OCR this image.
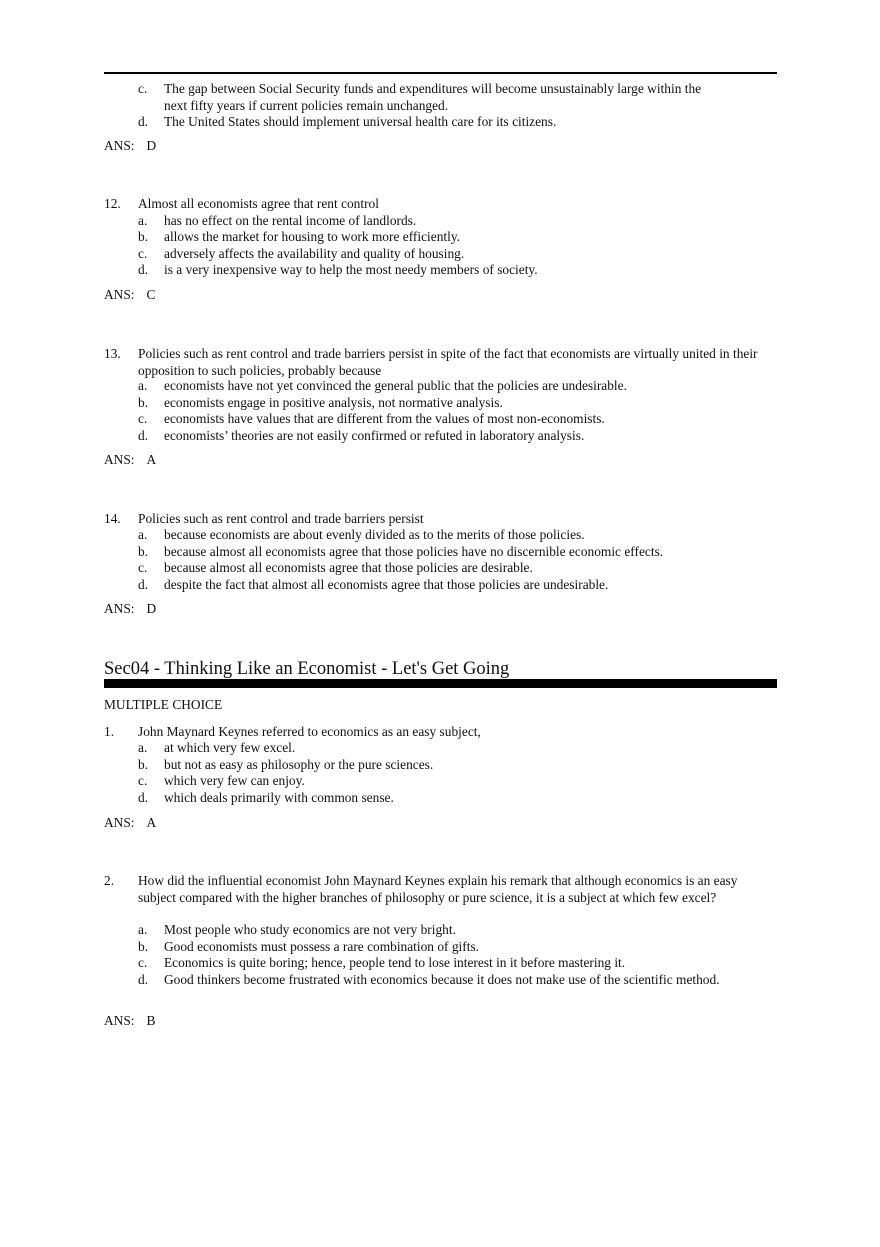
c. The gap between Social Security funds and expenditures will become unsustainably large within the next fifty years if current policies remain unchanged.
d. The United States should implement universal health care for its citizens.
ANS: D
12. Almost all economists agree that rent control
a. has no effect on the rental income of landlords.
b. allows the market for housing to work more efficiently.
c. adversely affects the availability and quality of housing.
d. is a very inexpensive way to help the most needy members of society.
ANS: C
13. Policies such as rent control and trade barriers persist in spite of the fact that economists are virtually united in their opposition to such policies, probably because
a. economists have not yet convinced the general public that the policies are undesirable.
b. economists engage in positive analysis, not normative analysis.
c. economists have values that are different from the values of most non-economists.
d. economists’ theories are not easily confirmed or refuted in laboratory analysis.
ANS: A
14. Policies such as rent control and trade barriers persist
a. because economists are about evenly divided as to the merits of those policies.
b. because almost all economists agree that those policies have no discernible economic effects.
c. because almost all economists agree that those policies are desirable.
d. despite the fact that almost all economists agree that those policies are undesirable.
ANS: D
Sec04 - Thinking Like an Economist - Let's Get Going
MULTIPLE CHOICE
1. John Maynard Keynes referred to economics as an easy subject,
a. at which very few excel.
b. but not as easy as philosophy or the pure sciences.
c. which very few can enjoy.
d. which deals primarily with common sense.
ANS: A
2. How did the influential economist John Maynard Keynes explain his remark that although economics is an easy subject compared with the higher branches of philosophy or pure science, it is a subject at which few excel?
a. Most people who study economics are not very bright.
b. Good economists must possess a rare combination of gifts.
c. Economics is quite boring; hence, people tend to lose interest in it before mastering it.
d. Good thinkers become frustrated with economics because it does not make use of the scientific method.
ANS: B
